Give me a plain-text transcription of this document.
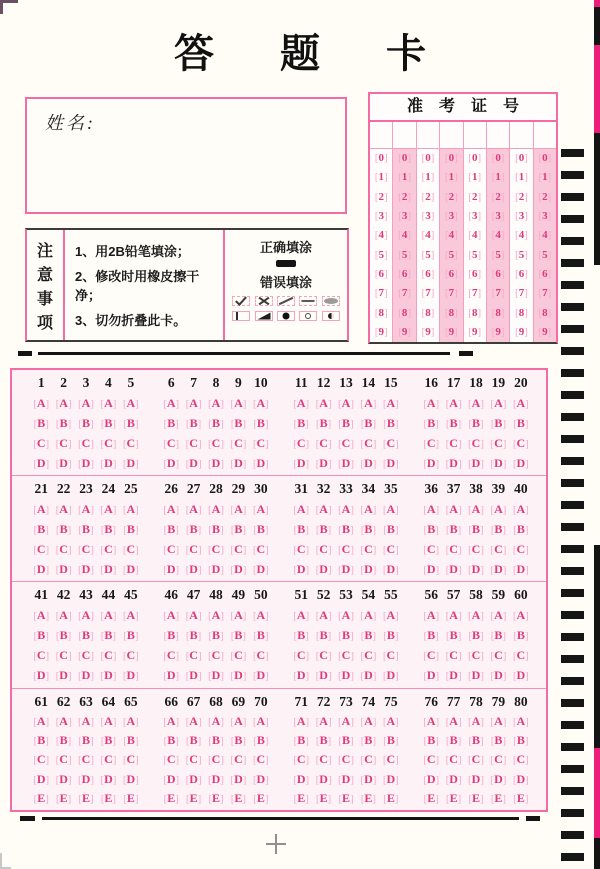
答 题 卡
姓名:
注
意
事
项
1、用2B铅笔填涂；
2、修改时用橡皮擦干净；
3、切勿折叠此卡。
正确填涂
错误填涂
准 考 证 号
[0]
[1]
[2]
[3]
[4]
[5]
[6]
[7]
[8]
[9]
[0]
[1]
[2]
[3]
[4]
[5]
[6]
[7]
[8]
[9]
[0]
[1]
[2]
[3]
[4]
[5]
[6]
[7]
[8]
[9]
[0]
[1]
[2]
[3]
[4]
[5]
[6]
[7]
[8]
[9]
[0]
[1]
[2]
[3]
[4]
[5]
[6]
[7]
[8]
[9]
[0]
[1]
[2]
[3]
[4]
[5]
[6]
[7]
[8]
[9]
[0]
[1]
[2]
[3]
[4]
[5]
[6]
[7]
[8]
[9]
[0]
[1]
[2]
[3]
[4]
[5]
[6]
[7]
[8]
[9]
1
[A]
[B]
[C]
[D]
2
[A]
[B]
[C]
[D]
3
[A]
[B]
[C]
[D]
4
[A]
[B]
[C]
[D]
5
[A]
[B]
[C]
[D]
6
[A]
[B]
[C]
[D]
7
[A]
[B]
[C]
[D]
8
[A]
[B]
[C]
[D]
9
[A]
[B]
[C]
[D]
10
[A]
[B]
[C]
[D]
11
[A]
[B]
[C]
[D]
12
[A]
[B]
[C]
[D]
13
[A]
[B]
[C]
[D]
14
[A]
[B]
[C]
[D]
15
[A]
[B]
[C]
[D]
16
[A]
[B]
[C]
[D]
17
[A]
[B]
[C]
[D]
18
[A]
[B]
[C]
[D]
19
[A]
[B]
[C]
[D]
20
[A]
[B]
[C]
[D]
21
[A]
[B]
[C]
[D]
22
[A]
[B]
[C]
[D]
23
[A]
[B]
[C]
[D]
24
[A]
[B]
[C]
[D]
25
[A]
[B]
[C]
[D]
26
[A]
[B]
[C]
[D]
27
[A]
[B]
[C]
[D]
28
[A]
[B]
[C]
[D]
29
[A]
[B]
[C]
[D]
30
[A]
[B]
[C]
[D]
31
[A]
[B]
[C]
[D]
32
[A]
[B]
[C]
[D]
33
[A]
[B]
[C]
[D]
34
[A]
[B]
[C]
[D]
35
[A]
[B]
[C]
[D]
36
[A]
[B]
[C]
[D]
37
[A]
[B]
[C]
[D]
38
[A]
[B]
[C]
[D]
39
[A]
[B]
[C]
[D]
40
[A]
[B]
[C]
[D]
41
[A]
[B]
[C]
[D]
42
[A]
[B]
[C]
[D]
43
[A]
[B]
[C]
[D]
44
[A]
[B]
[C]
[D]
45
[A]
[B]
[C]
[D]
46
[A]
[B]
[C]
[D]
47
[A]
[B]
[C]
[D]
48
[A]
[B]
[C]
[D]
49
[A]
[B]
[C]
[D]
50
[A]
[B]
[C]
[D]
51
[A]
[B]
[C]
[D]
52
[A]
[B]
[C]
[D]
53
[A]
[B]
[C]
[D]
54
[A]
[B]
[C]
[D]
55
[A]
[B]
[C]
[D]
56
[A]
[B]
[C]
[D]
57
[A]
[B]
[C]
[D]
58
[A]
[B]
[C]
[D]
59
[A]
[B]
[C]
[D]
60
[A]
[B]
[C]
[D]
61
[A]
[B]
[C]
[D]
[E]
62
[A]
[B]
[C]
[D]
[E]
63
[A]
[B]
[C]
[D]
[E]
64
[A]
[B]
[C]
[D]
[E]
65
[A]
[B]
[C]
[D]
[E]
66
[A]
[B]
[C]
[D]
[E]
67
[A]
[B]
[C]
[D]
[E]
68
[A]
[B]
[C]
[D]
[E]
69
[A]
[B]
[C]
[D]
[E]
70
[A]
[B]
[C]
[D]
[E]
71
[A]
[B]
[C]
[D]
[E]
72
[A]
[B]
[C]
[D]
[E]
73
[A]
[B]
[C]
[D]
[E]
74
[A]
[B]
[C]
[D]
[E]
75
[A]
[B]
[C]
[D]
[E]
76
[A]
[B]
[C]
[D]
[E]
77
[A]
[B]
[C]
[D]
[E]
78
[A]
[B]
[C]
[D]
[E]
79
[A]
[B]
[C]
[D]
[E]
80
[A]
[B]
[C]
[D]
[E]
